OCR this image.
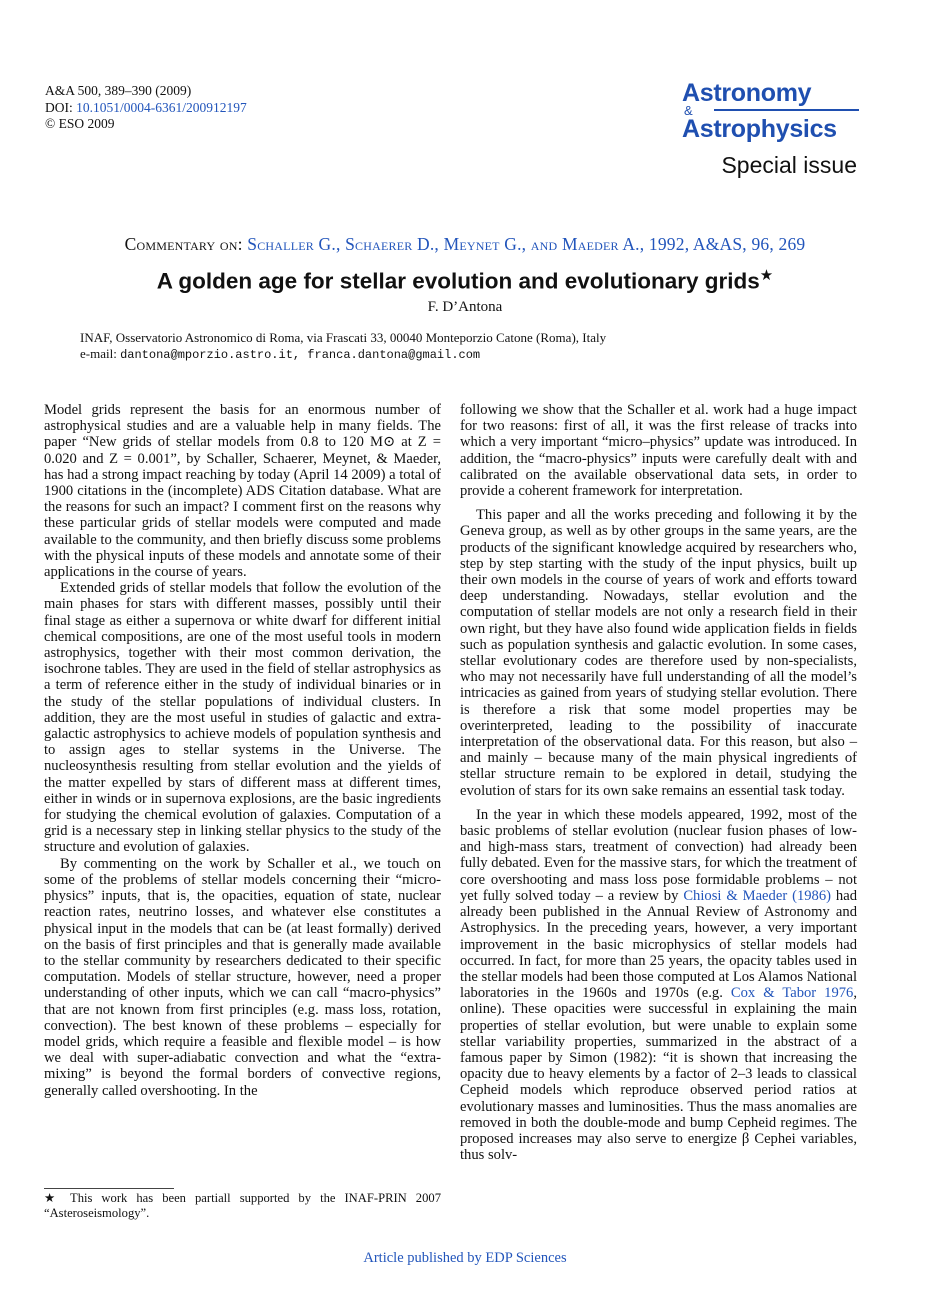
A&A 500, 389–390 (2009)
DOI: 10.1051/0004-6361/200912197
© ESO 2009
Astronomy
&
Astrophysics
Special issue
Commentary on: Schaller G., Schaerer D., Meynet G., and Maeder A., 1992, A&AS, 96, 269
A golden age for stellar evolution and evolutionary grids★
F. D’Antona
INAF, Osservatorio Astronomico di Roma, via Frascati 33, 00040 Monteporzio Catone (Roma), Italy
e-mail: dantona@mporzio.astro.it, franca.dantona@gmail.com

Model grids represent the basis for an enormous number of astrophysical studies and are a valuable help in many fields. The paper “New grids of stellar models from 0.8 to 120 M⊙ at Z = 0.020 and Z = 0.001”, by Schaller, Schaerer, Meynet, & Maeder, has had a strong impact reaching by today (April 14 2009) a total of 1900 citations in the (incomplete) ADS Citation database. What are the reasons for such an impact? I comment first on the reasons why these particular grids of stellar models were computed and made available to the community, and then briefly discuss some problems with the physical inputs of these models and annotate some of their applications in the course of years.

Extended grids of stellar models that follow the evolution of the main phases for stars with different masses, possibly until their final stage as either a supernova or white dwarf for different initial chemical compositions, are one of the most useful tools in modern astrophysics, together with their most common derivation, the isochrone tables. They are used in the field of stellar astrophysics as a term of reference either in the study of individual binaries or in the study of the stellar populations of individual clusters. In addition, they are the most useful in studies of galactic and extra-galactic astrophysics to achieve models of population synthesis and to assign ages to stellar systems in the Universe. The nucleosynthesis resulting from stellar evolution and the yields of the matter expelled by stars of different mass at different times, either in winds or in supernova explosions, are the basic ingredients for studying the chemical evolution of galaxies. Computation of a grid is a necessary step in linking stellar physics to the study of the structure and evolution of galaxies.

By commenting on the work by Schaller et al., we touch on some of the problems of stellar models concerning their “micro-physics” inputs, that is, the opacities, equation of state, nuclear reaction rates, neutrino losses, and whatever else constitutes a physical input in the models that can be (at least formally) derived on the basis of first principles and that is generally made available to the stellar community by researchers dedicated to their specific computation. Models of stellar structure, however, need a proper understanding of other inputs, which we can call “macro-physics” that are not known from first principles (e.g. mass loss, rotation, convection). The best known of these problems – especially for model grids, which require a feasible and flexible model – is how we deal with super-adiabatic convection and what the “extra-mixing” is beyond the formal borders of convective regions, generally called overshooting. In the

following we show that the Schaller et al. work had a huge impact for two reasons: first of all, it was the first release of tracks into which a very important “micro–physics” update was introduced. In addition, the “macro-physics” inputs were carefully dealt with and calibrated on the available observational data sets, in order to provide a coherent framework for interpretation.

This paper and all the works preceding and following it by the Geneva group, as well as by other groups in the same years, are the products of the significant knowledge acquired by researchers who, step by step starting with the study of the input physics, built up their own models in the course of years of work and efforts toward deep understanding. Nowadays, stellar evolution and the computation of stellar models are not only a research field in their own right, but they have also found wide application fields in fields such as population synthesis and galactic evolution. In some cases, stellar evolutionary codes are therefore used by non-specialists, who may not necessarily have full understanding of all the model’s intricacies as gained from years of studying stellar evolution. There is therefore a risk that some model properties may be overinterpreted, leading to the possibility of inaccurate interpretation of the observational data. For this reason, but also – and mainly – because many of the main physical ingredients of stellar structure remain to be explored in detail, studying the evolution of stars for its own sake remains an essential task today.

In the year in which these models appeared, 1992, most of the basic problems of stellar evolution (nuclear fusion phases of low- and high-mass stars, treatment of convection) had already been fully debated. Even for the massive stars, for which the treatment of core overshooting and mass loss pose formidable problems – not yet fully solved today – a review by Chiosi & Maeder (1986) had already been published in the Annual Review of Astronomy and Astrophysics. In the preceding years, however, a very important improvement in the basic microphysics of stellar models had occurred. In fact, for more than 25 years, the opacity tables used in the stellar models had been those computed at Los Alamos National laboratories in the 1960s and 1970s (e.g. Cox & Tabor 1976, online). These opacities were successful in explaining the main properties of stellar evolution, but were unable to explain some stellar variability properties, summarized in the abstract of a famous paper by Simon (1982): “it is shown that increasing the opacity due to heavy elements by a factor of 2–3 leads to classical Cepheid models which reproduce observed period ratios at evolutionary masses and luminosities. Thus the mass anomalies are removed in both the double-mode and bump Cepheid regimes. The proposed increases may also serve to energize β Cephei variables, thus solv-

★ This work has been partiall supported by the INAF-PRIN 2007 “Asteroseismology”.
Article published by EDP Sciences
